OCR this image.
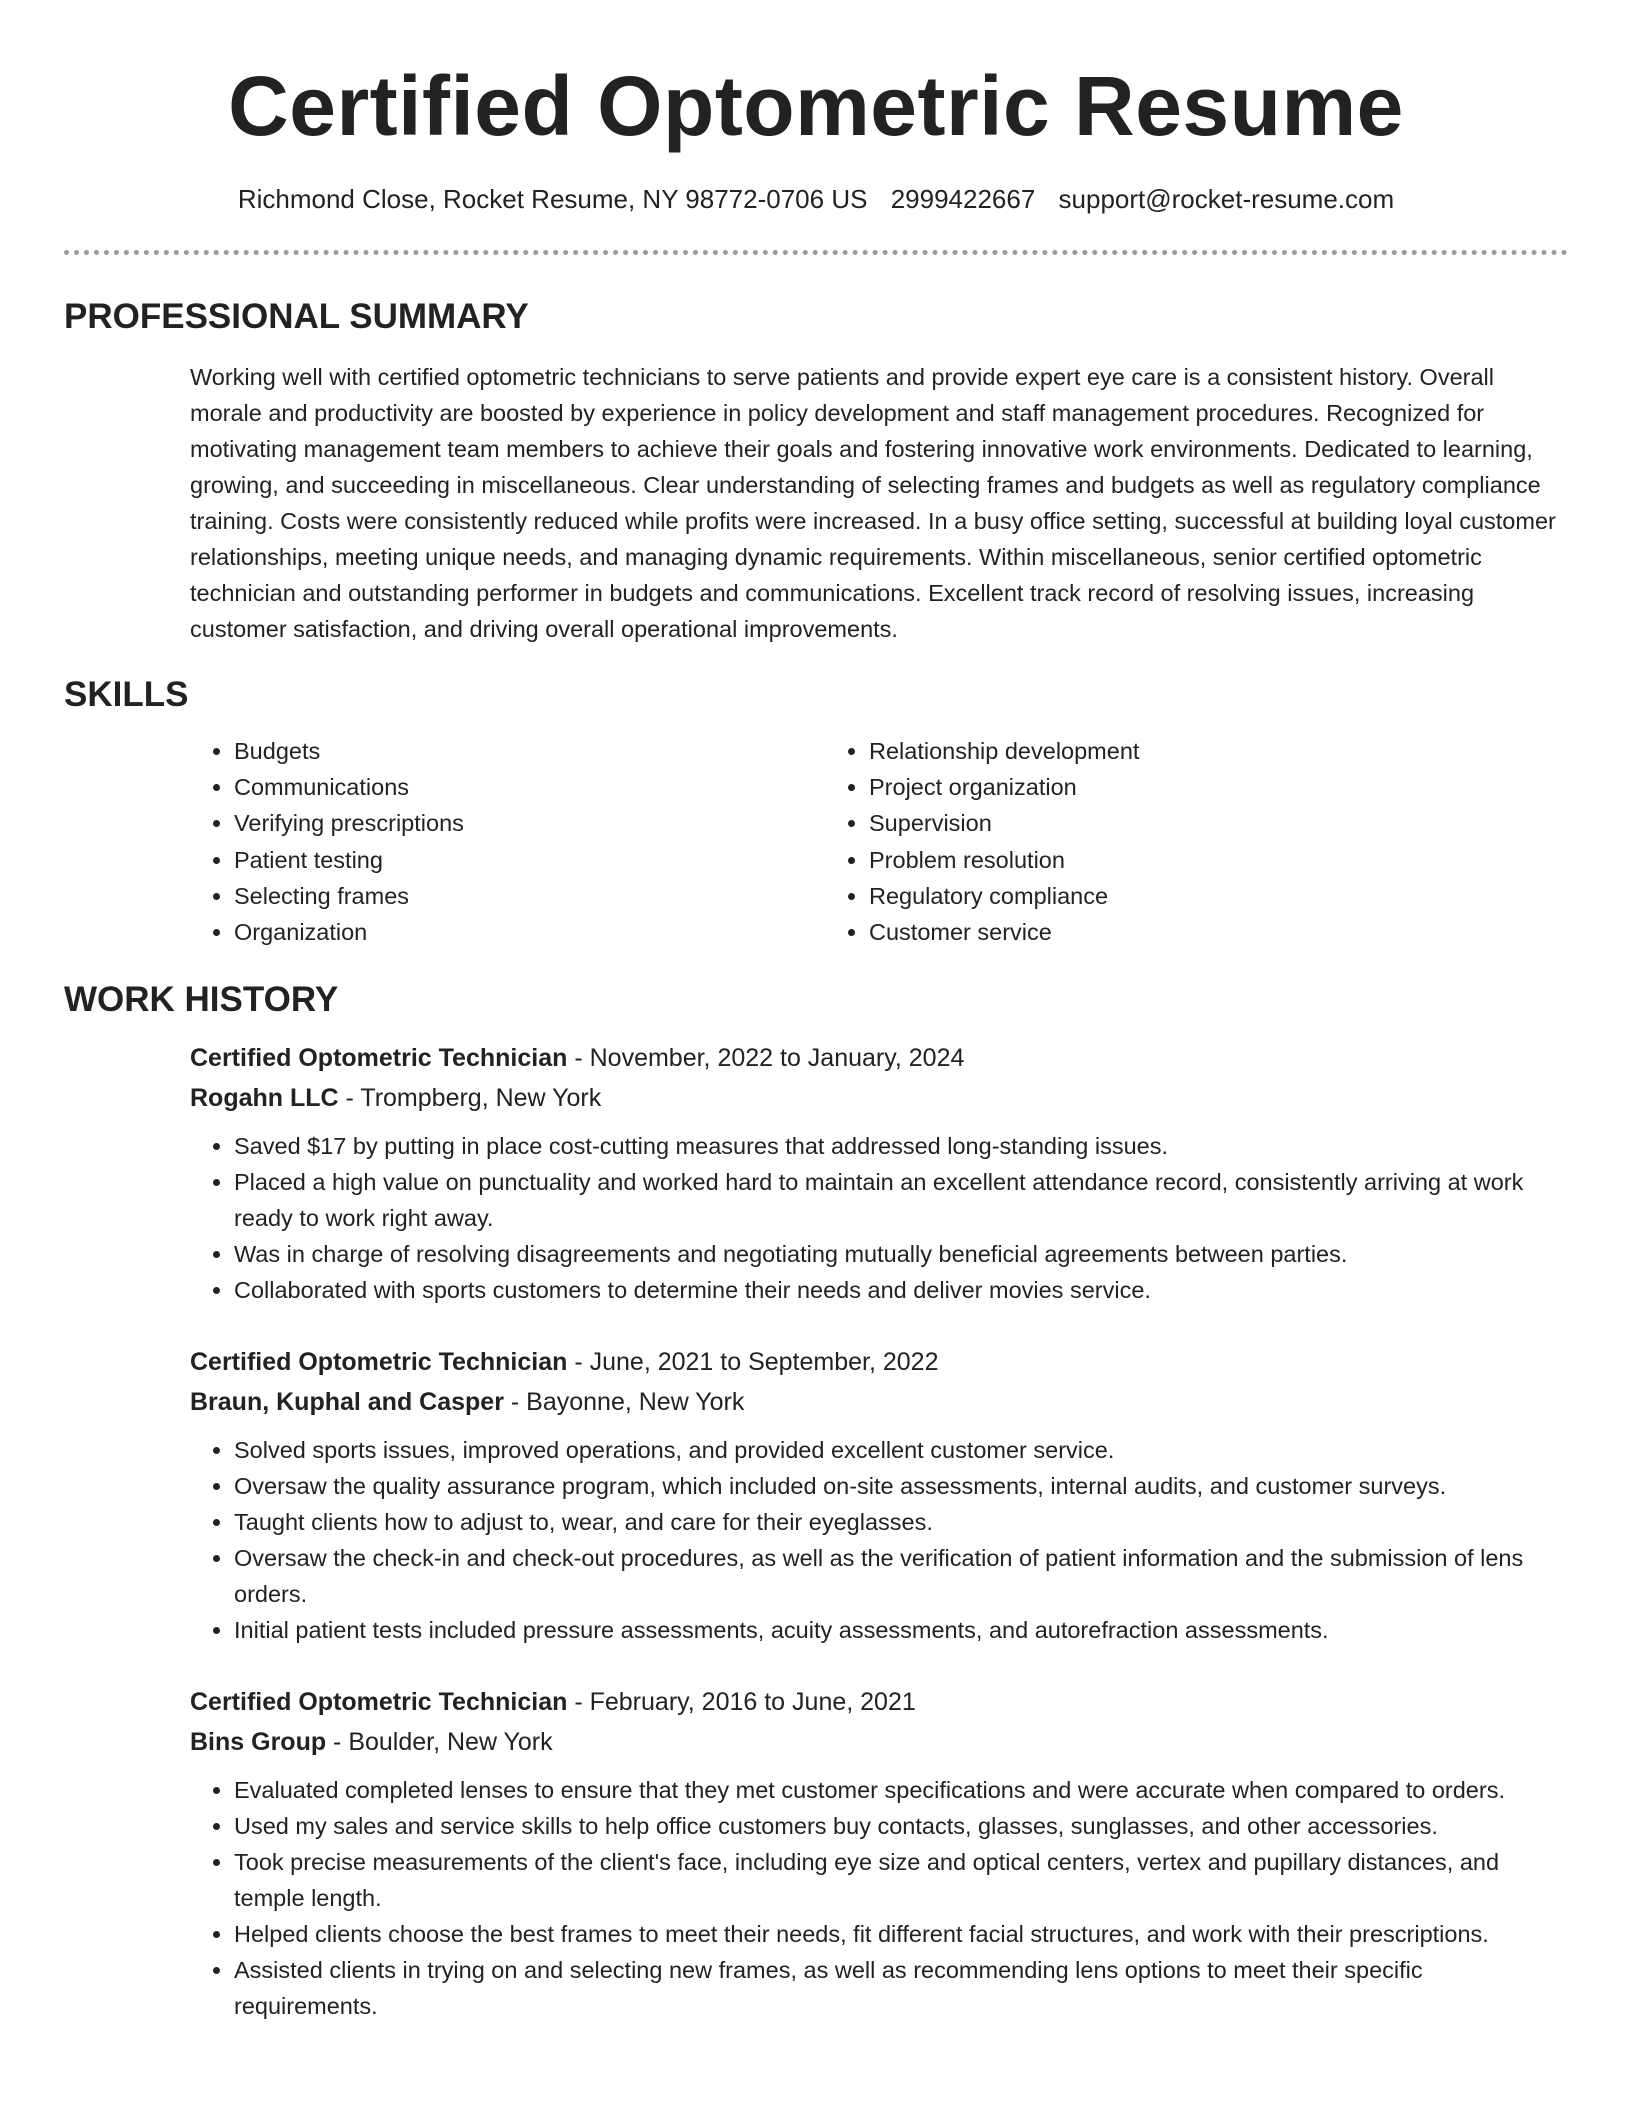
Certified Optometric Resume
Richmond Close, Rocket Resume, NY 98772-0706 US 2999422667 support@rocket-resume.com
PROFESSIONAL SUMMARY

Working well with certified optometric technicians to serve patients and provide expert eye care is a consistent history. Overall morale and productivity are boosted by experience in policy development and staff management procedures. Recognized for motivating management team members to achieve their goals and fostering innovative work environments. Dedicated to learning, growing, and succeeding in miscellaneous. Clear understanding of selecting frames and budgets as well as regulatory compliance training. Costs were consistently reduced while profits were increased. In a busy office setting, successful at building loyal customer relationships, meeting unique needs, and managing dynamic requirements. Within miscellaneous, senior certified optometric technician and outstanding performer in budgets and communications. Excellent track record of resolving issues, increasing customer satisfaction, and driving overall operational improvements.

SKILLS
• Budgets
• Communications
• Verifying prescriptions
• Patient testing
• Selecting frames
• Organization
• Relationship development
• Project organization
• Supervision
• Problem resolution
• Regulatory compliance
• Customer service
WORK HISTORY
Certified Optometric Technician - November, 2022 to January, 2024
Rogahn LLC - Trompberg, New York
• Saved $17 by putting in place cost-cutting measures that addressed long-standing issues.
• Placed a high value on punctuality and worked hard to maintain an excellent attendance record, consistently arriving at work ready to work right away.
• Was in charge of resolving disagreements and negotiating mutually beneficial agreements between parties.
• Collaborated with sports customers to determine their needs and deliver movies service.
Certified Optometric Technician - June, 2021 to September, 2022
Braun, Kuphal and Casper - Bayonne, New York
• Solved sports issues, improved operations, and provided excellent customer service.
• Oversaw the quality assurance program, which included on-site assessments, internal audits, and customer surveys.
• Taught clients how to adjust to, wear, and care for their eyeglasses.
• Oversaw the check-in and check-out procedures, as well as the verification of patient information and the submission of lens orders.
• Initial patient tests included pressure assessments, acuity assessments, and autorefraction assessments.
Certified Optometric Technician - February, 2016 to June, 2021
Bins Group - Boulder, New York
• Evaluated completed lenses to ensure that they met customer specifications and were accurate when compared to orders.
• Used my sales and service skills to help office customers buy contacts, glasses, sunglasses, and other accessories.
• Took precise measurements of the client's face, including eye size and optical centers, vertex and pupillary distances, and temple length.
• Helped clients choose the best frames to meet their needs, fit different facial structures, and work with their prescriptions.
• Assisted clients in trying on and selecting new frames, as well as recommending lens options to meet their specific requirements.
